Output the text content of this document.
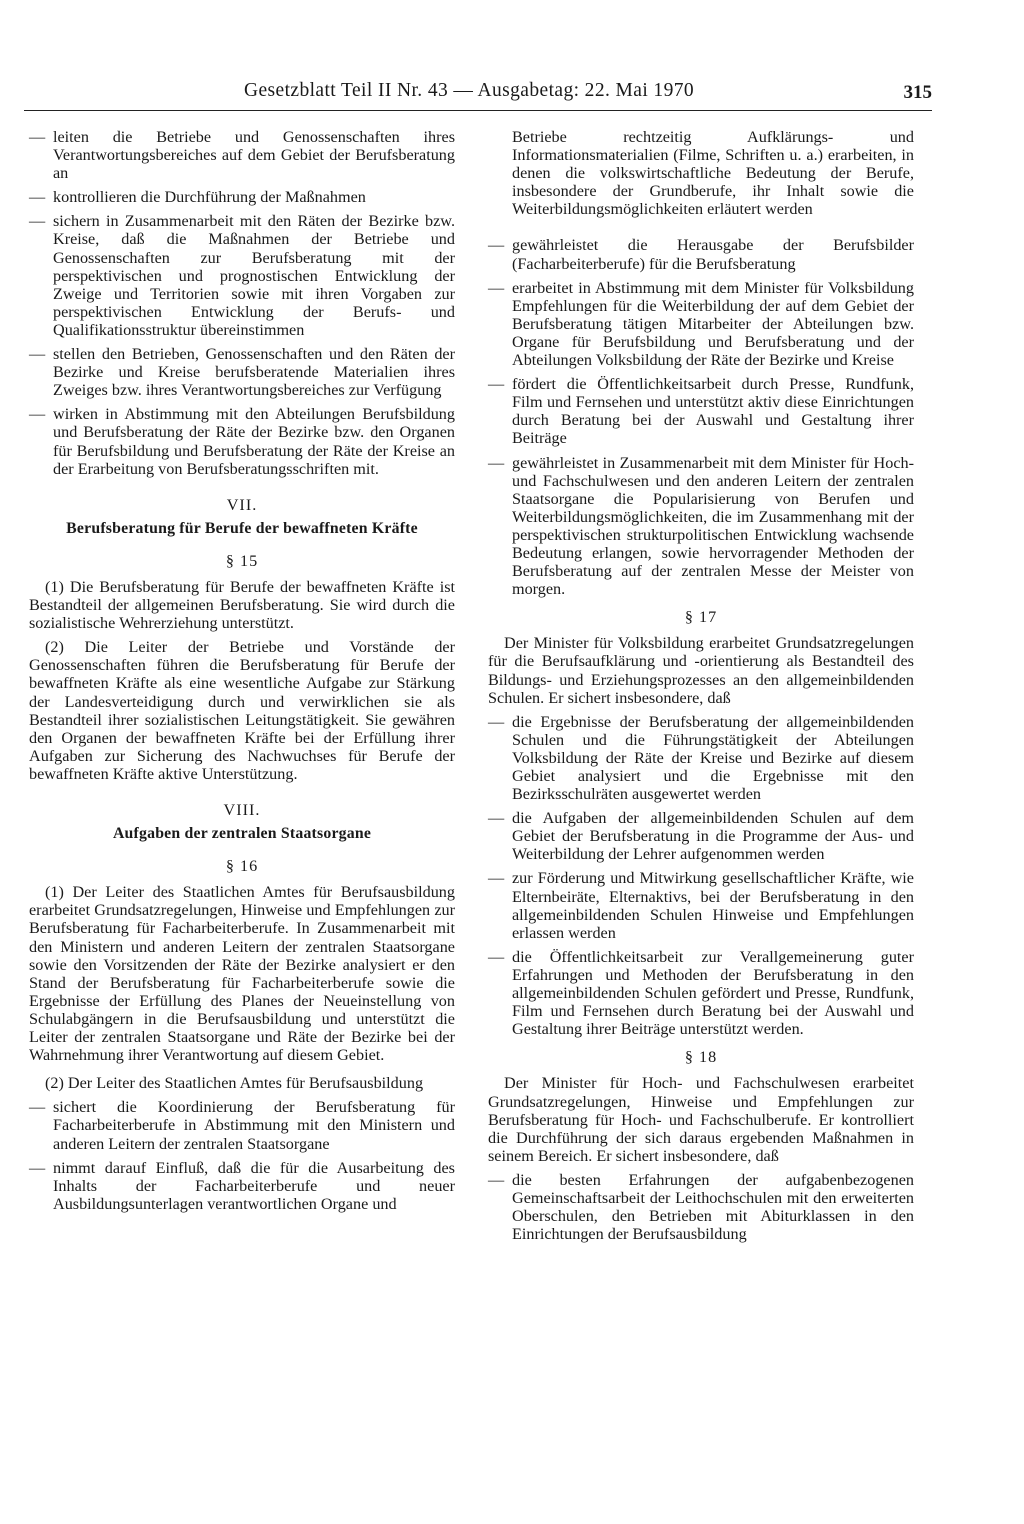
Gesetzblatt Teil II Nr. 43 — Ausgabetag: 22. Mai 1970	315
— leiten die Betriebe und Genossenschaften ihres Verantwortungsbereiches auf dem Gebiet der Berufsberatung an
— kontrollieren die Durchführung der Maßnahmen
— sichern in Zusammenarbeit mit den Räten der Bezirke bzw. Kreise, daß die Maßnahmen der Betriebe und Genossenschaften zur Berufsberatung mit der perspektivischen und prognostischen Entwicklung der Zweige und Territorien sowie mit ihren Vorgaben zur perspektivischen Entwicklung der Berufs- und Qualifikationsstruktur übereinstimmen
— stellen den Betrieben, Genossenschaften und den Räten der Bezirke und Kreise berufsberatende Materialien ihres Zweiges bzw. ihres Verantwortungsbereiches zur Verfügung
— wirken in Abstimmung mit den Abteilungen Berufsbildung und Berufsberatung der Räte der Bezirke bzw. den Organen für Berufsbildung und Berufsberatung der Räte der Kreise an der Erarbeitung von Berufsberatungsschriften mit.
VII.
Berufsberatung für Berufe der bewaffneten Kräfte
§ 15

(1) Die Berufsberatung für Berufe der bewaffneten Kräfte ist Bestandteil der allgemeinen Berufsberatung. Sie wird durch die sozialistische Wehrerziehung unterstützt.

(2) Die Leiter der Betriebe und Vorstände der Genossenschaften führen die Berufsberatung für Berufe der bewaffneten Kräfte als eine wesentliche Aufgabe zur Stärkung der Landesverteidigung durch und verwirklichen sie als Bestandteil ihrer sozialistischen Leitungstätigkeit. Sie gewähren den Organen der bewaffneten Kräfte bei der Erfüllung ihrer Aufgaben zur Sicherung des Nachwuchses für Berufe der bewaffneten Kräfte aktive Unterstützung.

VIII.
Aufgaben der zentralen Staatsorgane
§ 16

(1) Der Leiter des Staatlichen Amtes für Berufsausbildung erarbeitet Grundsatzregelungen, Hinweise und Empfehlungen zur Berufsberatung für Facharbeiterberufe. In Zusammenarbeit mit den Ministern und anderen Leitern der zentralen Staatsorgane sowie den Vorsitzenden der Räte der Bezirke analysiert er den Stand der Berufsberatung für Facharbeiterberufe sowie die Ergebnisse der Erfüllung des Planes der Neueinstellung von Schulabgängern in die Berufsausbildung und unterstützt die Leiter der zentralen Staatsorgane und Räte der Bezirke bei der Wahrnehmung ihrer Verantwortung auf diesem Gebiet.

(2) Der Leiter des Staatlichen Amtes für Berufsausbildung

— sichert die Koordinierung der Berufsberatung für Facharbeiterberufe in Abstimmung mit den Ministern und anderen Leitern der zentralen Staatsorgane
— nimmt darauf Einfluß, daß die für die Ausarbeitung des Inhalts der Facharbeiterberufe und neuer Ausbildungsunterlagen verantwortlichen Organe und

Betriebe rechtzeitig Aufklärungs- und Informationsmaterialien (Filme, Schriften u. a.) erarbeiten, in denen die volkswirtschaftliche Bedeutung der Berufe, insbesondere der Grundberufe, ihr Inhalt sowie die Weiterbildungsmöglichkeiten erläutert werden

— gewährleistet die Herausgabe der Berufsbilder (Facharbeiterberufe) für die Berufsberatung
— erarbeitet in Abstimmung mit dem Minister für Volksbildung Empfehlungen für die Weiterbildung der auf dem Gebiet der Berufsberatung tätigen Mitarbeiter der Abteilungen bzw. Organe für Berufsbildung und Berufsberatung und der Abteilungen Volksbildung der Räte der Bezirke und Kreise
— fördert die Öffentlichkeitsarbeit durch Presse, Rundfunk, Film und Fernsehen und unterstützt aktiv diese Einrichtungen durch Beratung bei der Auswahl und Gestaltung ihrer Beiträge
— gewährleistet in Zusammenarbeit mit dem Minister für Hoch- und Fachschulwesen und den anderen Leitern der zentralen Staatsorgane die Popularisierung von Berufen und Weiterbildungsmöglichkeiten, die im Zusammenhang mit der perspektivischen strukturpolitischen Entwicklung wachsende Bedeutung erlangen, sowie hervorragender Methoden der Berufsberatung auf der zentralen Messe der Meister von morgen.
§ 17

Der Minister für Volksbildung erarbeitet Grundsatzregelungen für die Berufsaufklärung und -orientierung als Bestandteil des Bildungs- und Erziehungsprozesses an den allgemeinbildenden Schulen. Er sichert insbesondere, daß

— die Ergebnisse der Berufsberatung der allgemeinbildenden Schulen und die Führungstätigkeit der Abteilungen Volksbildung der Räte der Kreise und Bezirke auf diesem Gebiet analysiert und die Ergebnisse mit den Bezirksschulräten ausgewertet werden
— die Aufgaben der allgemeinbildenden Schulen auf dem Gebiet der Berufsberatung in die Programme der Aus- und Weiterbildung der Lehrer aufgenommen werden
— zur Förderung und Mitwirkung gesellschaftlicher Kräfte, wie Elternbeiräte, Elternaktivs, bei der Berufsberatung in den allgemeinbildenden Schulen Hinweise und Empfehlungen erlassen werden
— die Öffentlichkeitsarbeit zur Verallgemeinerung guter Erfahrungen und Methoden der Berufsberatung in den allgemeinbildenden Schulen gefördert und Presse, Rundfunk, Film und Fernsehen durch Beratung bei der Auswahl und Gestaltung ihrer Beiträge unterstützt werden.
§ 18

Der Minister für Hoch- und Fachschulwesen erarbeitet Grundsatzregelungen, Hinweise und Empfehlungen zur Berufsberatung für Hoch- und Fachschulberufe. Er kontrolliert die Durchführung der sich daraus ergebenden Maßnahmen in seinem Bereich. Er sichert insbesondere, daß

— die besten Erfahrungen der aufgabenbezogenen Gemeinschaftsarbeit der Leithochschulen mit den erweiterten Oberschulen, den Betrieben mit Abiturklassen in den Einrichtungen der Berufsausbildung
